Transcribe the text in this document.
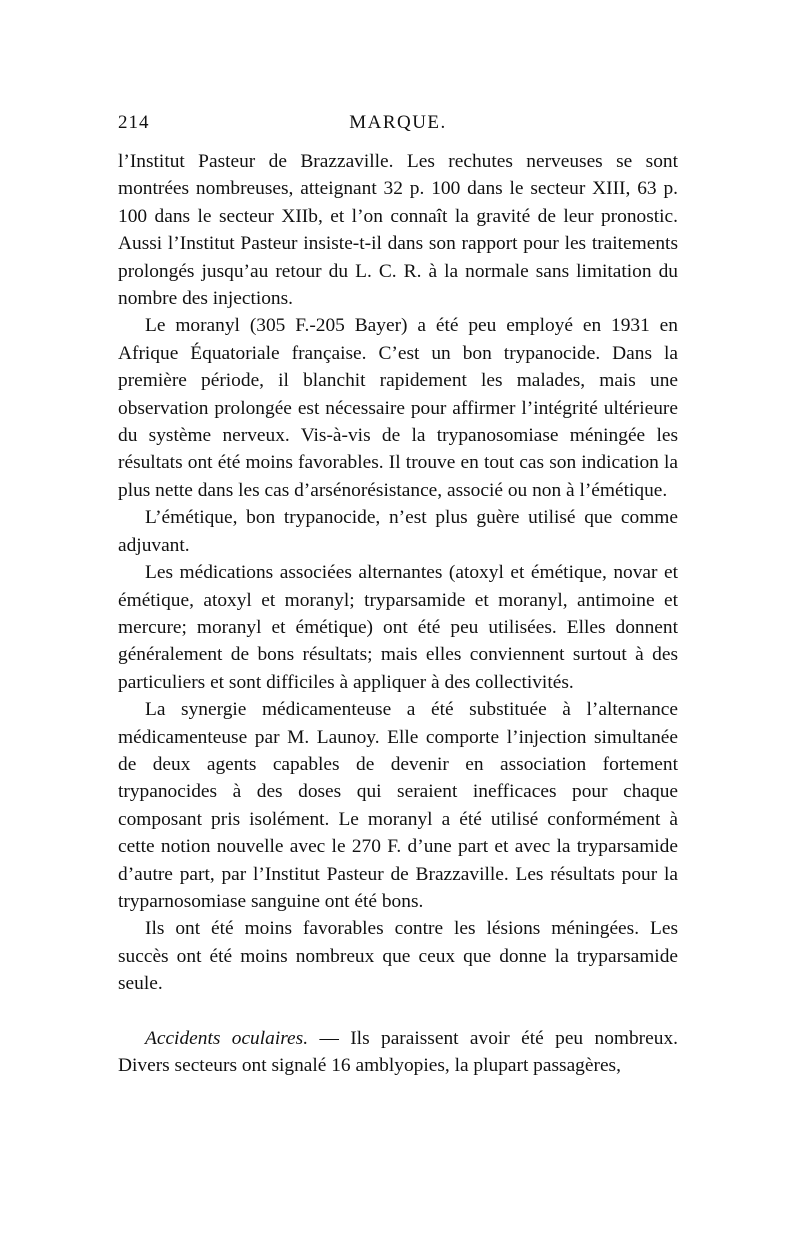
214	MARQUE.

l’Institut Pasteur de Brazzaville. Les rechutes nerveuses se sont montrées nombreuses, atteignant 32 p. 100 dans le secteur XIII, 63 p. 100 dans le secteur XIIb, et l’on connaît la gravité de leur pronostic. Aussi l’Institut Pasteur insiste-t-il dans son rapport pour les traitements prolongés jusqu’au retour du L. C. R. à la normale sans limitation du nombre des injections.

Le moranyl (305 F.-205 Bayer) a été peu employé en 1931 en Afrique Équatoriale française. C’est un bon trypanocide. Dans la première période, il blanchit rapidement les malades, mais une observation prolongée est nécessaire pour affirmer l’intégrité ultérieure du système nerveux. Vis-à-vis de la trypanosomiase méningée les résultats ont été moins favorables. Il trouve en tout cas son indication la plus nette dans les cas d’arsénorésistance, associé ou non à l’émétique.

L’émétique, bon trypanocide, n’est plus guère utilisé que comme adjuvant.

Les médications associées alternantes (atoxyl et émétique, novar et émétique, atoxyl et moranyl; tryparsamide et moranyl, antimoine et mercure; moranyl et émétique) ont été peu utilisées. Elles donnent généralement de bons résultats; mais elles conviennent surtout à des particuliers et sont difficiles à appliquer à des collectivités.

La synergie médicamenteuse a été substituée à l’alternance médicamenteuse par M. Launoy. Elle comporte l’injection simultanée de deux agents capables de devenir en association fortement trypanocides à des doses qui seraient inefficaces pour chaque composant pris isolément. Le moranyl a été utilisé conformément à cette notion nouvelle avec le 270 F. d’une part et avec la tryparsamide d’autre part, par l’Institut Pasteur de Brazzaville. Les résultats pour la tryparnosomiase sanguine ont été bons.

Ils ont été moins favorables contre les lésions méningées. Les succès ont été moins nombreux que ceux que donne la tryparsamide seule.

Accidents oculaires. — Ils paraissent avoir été peu nombreux. Divers secteurs ont signalé 16 amblyopies, la plupart passagères,
